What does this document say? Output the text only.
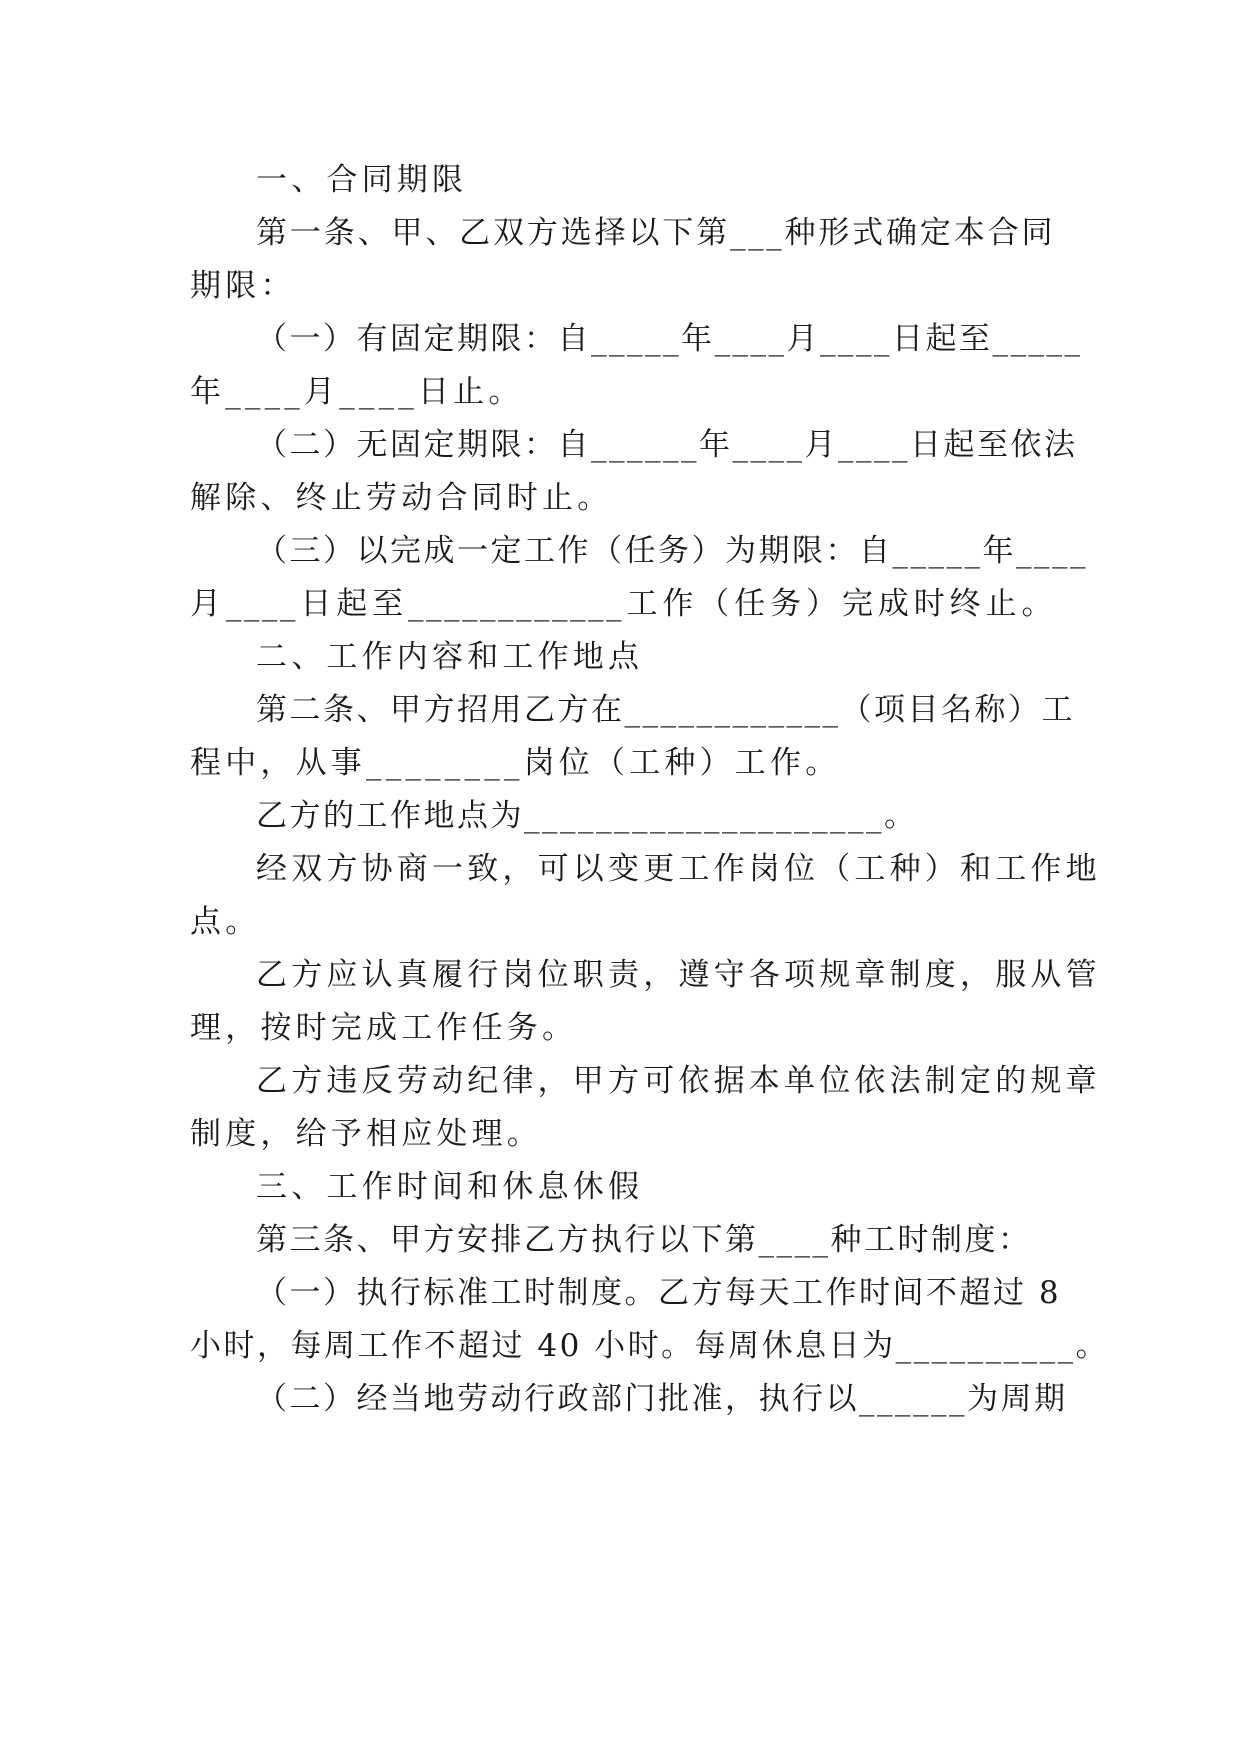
一、合同期限
第一条、甲、乙双方选择以下第___种形式确定本合同
期限：
（一）有固定期限：自_____年____月____日起至_____
年____月____日止。
（二）无固定期限：自______年____月____日起至依法
解除、终止劳动合同时止。
（三）以完成一定工作（任务）为期限：自_____年____
月____日起至____________工作（任务）完成时终止。
二、工作内容和工作地点
第二条、甲方招用乙方在____________（项目名称）工
程中，从事________岗位（工种）工作。
乙方的工作地点为____________________。
经双方协商一致，可以变更工作岗位（工种）和工作地
点。
乙方应认真履行岗位职责，遵守各项规章制度，服从管
理，按时完成工作任务。
乙方违反劳动纪律，甲方可依据本单位依法制定的规章
制度，给予相应处理。
三、工作时间和休息休假
第三条、甲方安排乙方执行以下第____种工时制度：
（一）执行标准工时制度。乙方每天工作时间不超过 8
小时，每周工作不超过 40 小时。每周休息日为__________。
（二）经当地劳动行政部门批准，执行以______为周期
